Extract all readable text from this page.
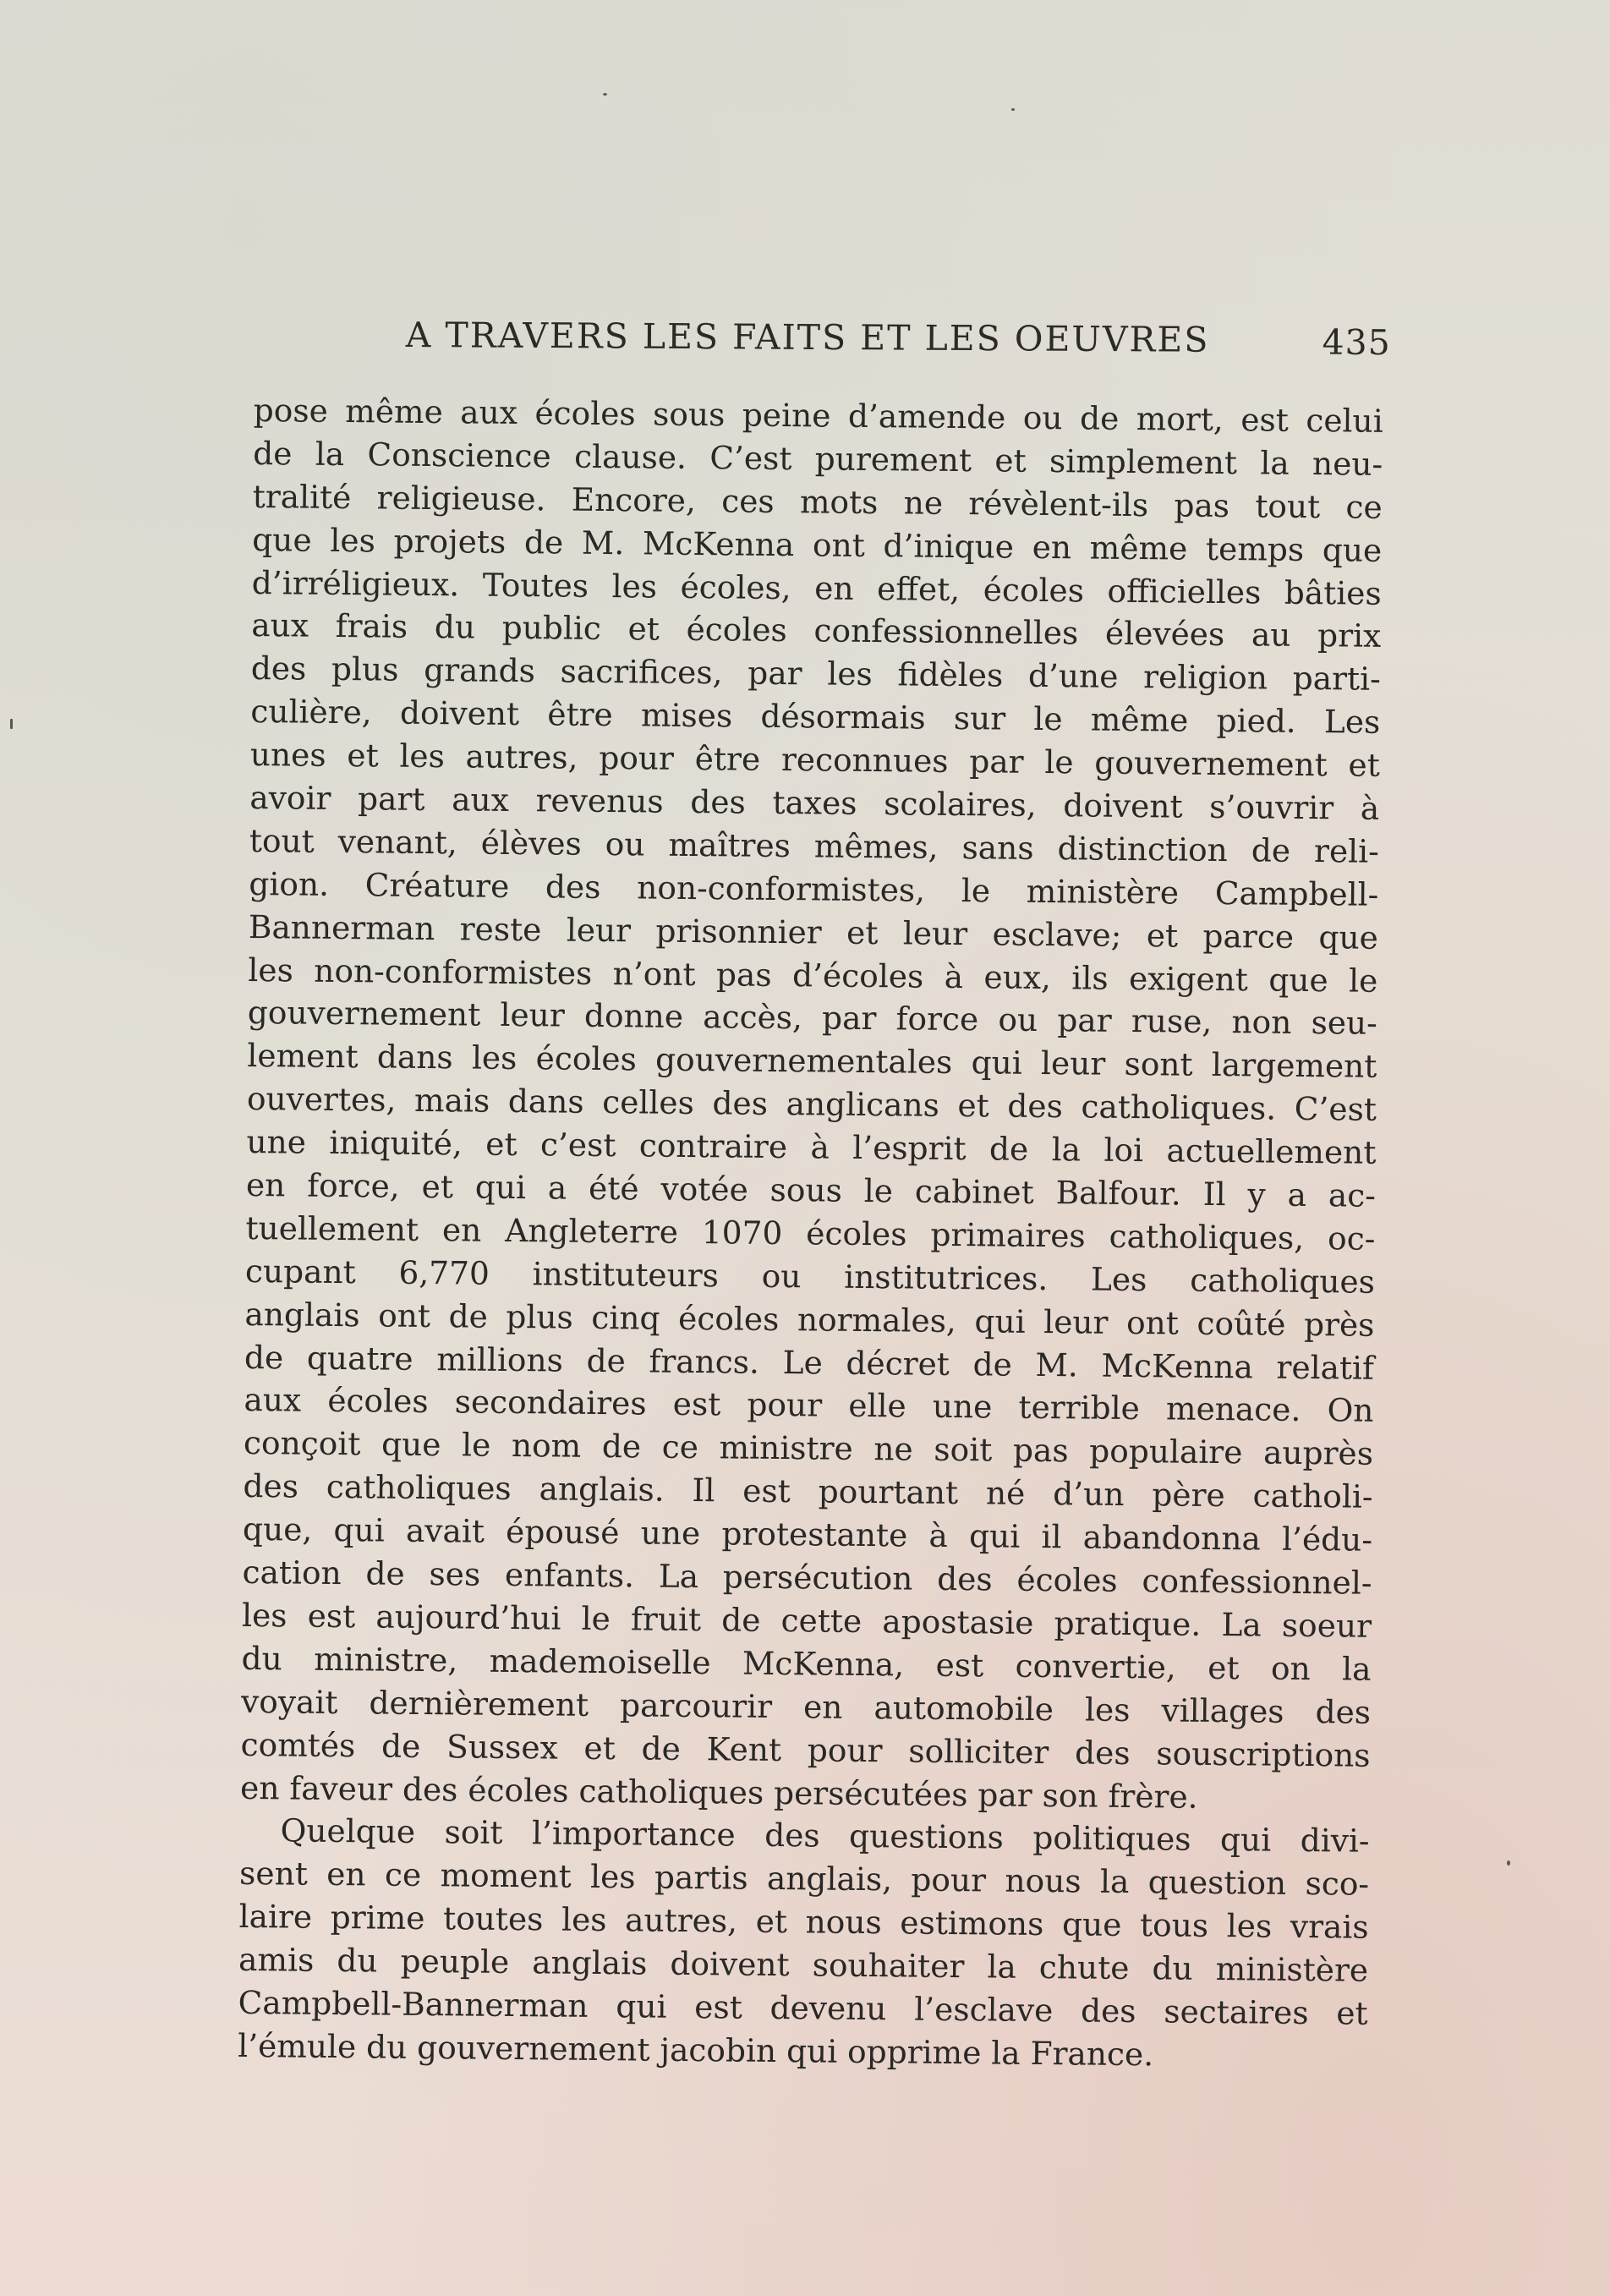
A TRAVERS LES FAITS ET LES OEUVRES	435
pose même aux écoles sous peine d’amende ou de mort, est celui
de la Conscience clause. C’est purement et simplement la neu-
tralité religieuse. Encore, ces mots ne révèlent-ils pas tout ce
que les projets de M. McKenna ont d’inique en même temps que
d’irréligieux. Toutes les écoles, en effet, écoles officielles bâties
aux frais du public et écoles confessionnelles élevées au prix
des plus grands sacrifices, par les fidèles d’une religion parti-
culière, doivent être mises désormais sur le même pied. Les
unes et les autres, pour être reconnues par le gouvernement et
avoir part aux revenus des taxes scolaires, doivent s’ouvrir à
tout venant, élèves ou maîtres mêmes, sans distinction de reli-
gion. Créature des non-conformistes, le ministère Campbell-
Bannerman reste leur prisonnier et leur esclave; et parce que
les non-conformistes n’ont pas d’écoles à eux, ils exigent que le
gouvernement leur donne accès, par force ou par ruse, non seu-
lement dans les écoles gouvernementales qui leur sont largement
ouvertes, mais dans celles des anglicans et des catholiques. C’est
une iniquité, et c’est contraire à l’esprit de la loi actuellement
en force, et qui a été votée sous le cabinet Balfour. Il y a ac-
tuellement en Angleterre 1070 écoles primaires catholiques, oc-
cupant 6,770 instituteurs ou institutrices. Les catholiques
anglais ont de plus cinq écoles normales, qui leur ont coûté près
de quatre millions de francs. Le décret de M. McKenna relatif
aux écoles secondaires est pour elle une terrible menace. On
conçoit que le nom de ce ministre ne soit pas populaire auprès
des catholiques anglais. Il est pourtant né d’un père catholi-
que, qui avait épousé une protestante à qui il abandonna l’édu-
cation de ses enfants. La persécution des écoles confessionnel-
les est aujourd’hui le fruit de cette apostasie pratique. La soeur
du ministre, mademoiselle McKenna, est convertie, et on la
voyait dernièrement parcourir en automobile les villages des
comtés de Sussex et de Kent pour solliciter des souscriptions
en faveur des écoles catholiques persécutées par son frère.
Quelque soit l’importance des questions politiques qui divi-
sent en ce moment les partis anglais, pour nous la question sco-
laire prime toutes les autres, et nous estimons que tous les vrais
amis du peuple anglais doivent souhaiter la chute du ministère
Campbell-Bannerman qui est devenu l’esclave des sectaires et
l’émule du gouvernement jacobin qui opprime la France.
